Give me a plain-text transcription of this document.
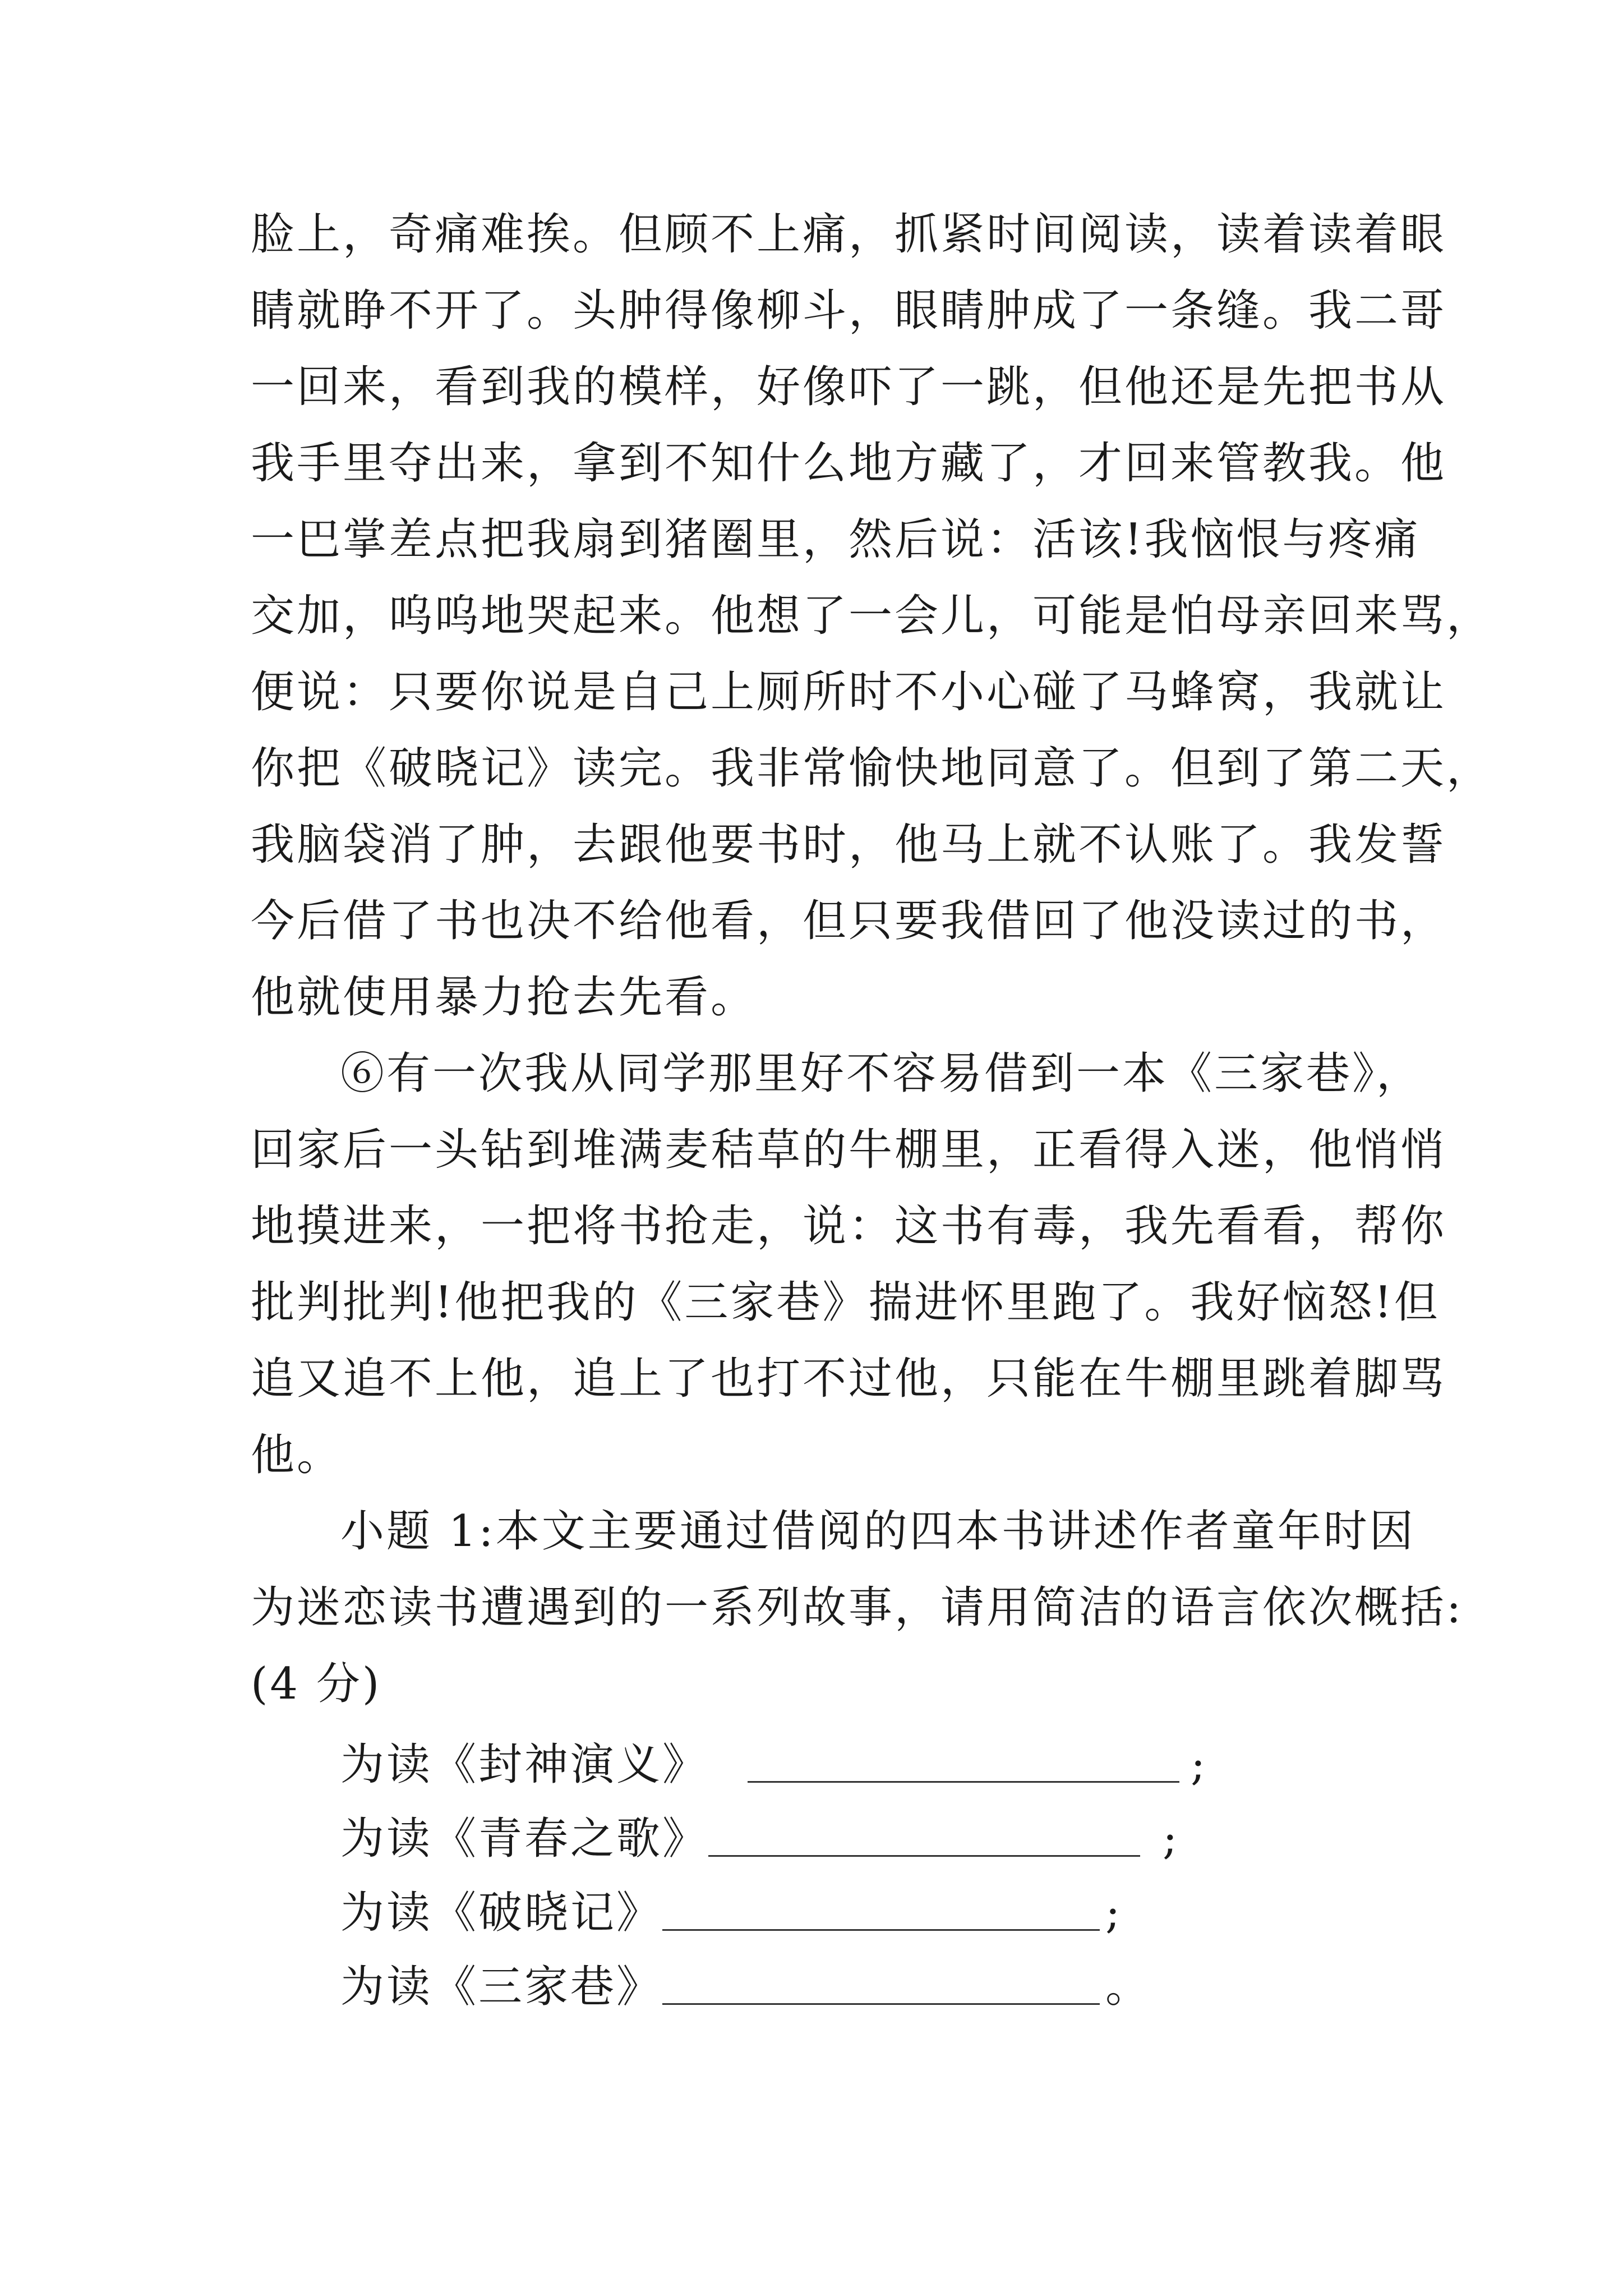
脸上，奇痛难挨。但顾不上痛，抓紧时间阅读，读着读着眼
睛就睁不开了。头肿得像柳斗，眼睛肿成了一条缝。我二哥
一回来，看到我的模样，好像吓了一跳，但他还是先把书从
我手里夺出来，拿到不知什么地方藏了，才回来管教我。他
一巴掌差点把我扇到猪圈里，然后说：活该!我恼恨与疼痛
交加，呜呜地哭起来。他想了一会儿，可能是怕母亲回来骂，
便说：只要你说是自己上厕所时不小心碰了马蜂窝，我就让
你把《破晓记》读完。我非常愉快地同意了。但到了第二天，
我脑袋消了肿，去跟他要书时，他马上就不认账了。我发誓
今后借了书也决不给他看，但只要我借回了他没读过的书，
他就使用暴力抢去先看。
⑥有一次我从同学那里好不容易借到一本《三家巷》，
回家后一头钻到堆满麦秸草的牛棚里，正看得入迷，他悄悄
地摸进来，一把将书抢走，说：这书有毒，我先看看，帮你
批判批判!他把我的《三家巷》揣进怀里跑了。我好恼怒!但
追又追不上他，追上了也打不过他，只能在牛棚里跳着脚骂
他。
小题 1:本文主要通过借阅的四本书讲述作者童年时因
为迷恋读书遭遇到的一系列故事，请用简洁的语言依次概括:
(4 分)
为读《封神演义》	;
为读《青春之歌》	;
为读《破晓记》	;
为读《三家巷》	。
